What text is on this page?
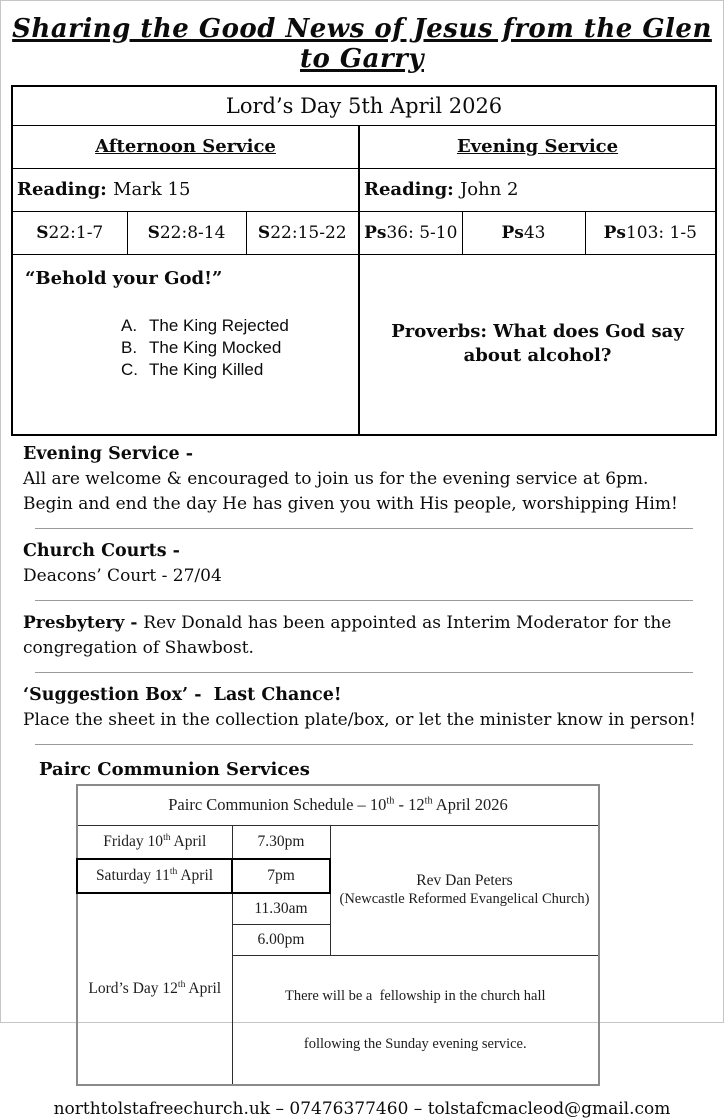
Sharing the Good News of Jesus from the Glen to Garry
Lord’s Day 5th April 2026					
Afternoon Service			Evening Service		
Reading: Mark 15			Reading: John 2		
S22:1-7	S22:8-14	S22:15-22	Ps36: 5-10	Ps43	Ps103: 1-5

“Behold your God!”
A. The King Rejected
B. The King Mocked
C. The King Killed

Proverbs: What does God say about alcohol?
Evening Service -
All are welcome & encouraged to join us for the evening service at 6pm. Begin and end the day He has given you with His people, worshipping Him!
Church Courts -
Deacons’ Court - 27/04
Presbytery - Rev Donald has been appointed as Interim Moderator for the congregation of Shawbost.
‘Suggestion Box’ -  Last Chance!
Place the sheet in the collection plate/box, or let the minister know in person!
Pairc Communion Services
Pairc Communion Schedule – 10th - 12th April 2026		
Friday 10th April	7.30pm	Rev Dan Peters
(Newcastle Reformed Evangelical Church)

Saturday 11th April	7pm	
Lord’s Day 12th April	11.30am	
	6.00pm	

	There will be a  fellowship in the church hall

following the Sunday evening service.	

northtolstafreechurch.uk – 07476377460 – tolstafcmacleod@gmail.com
